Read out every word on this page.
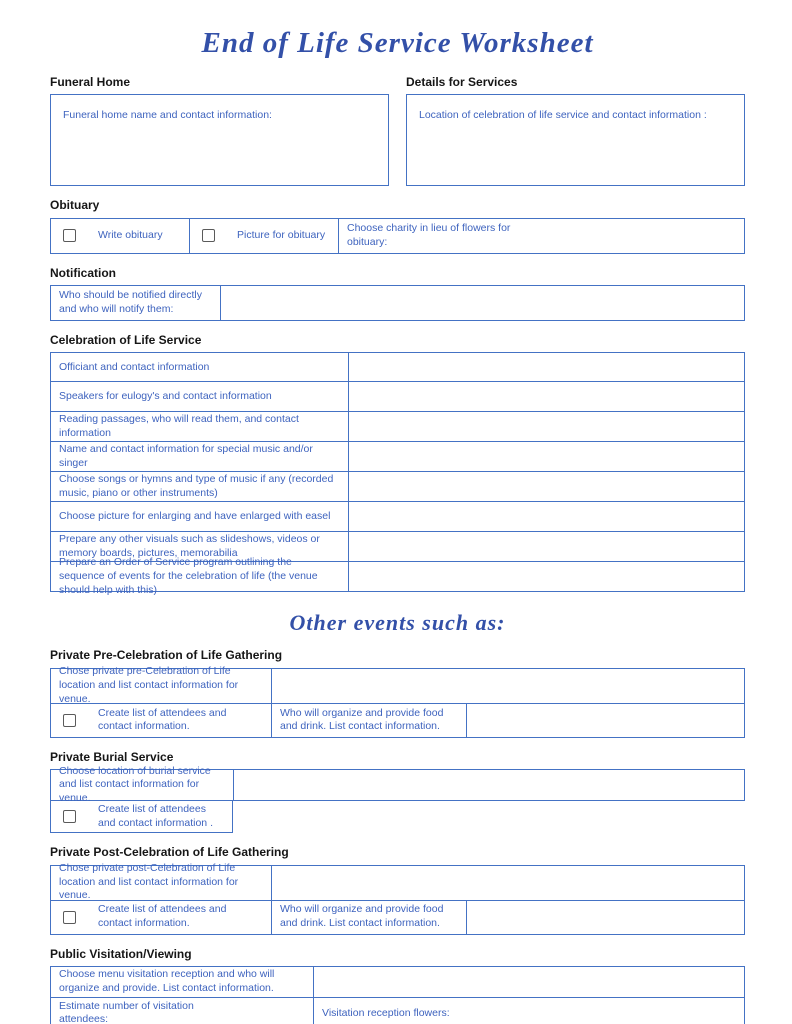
End of Life Service Worksheet
Funeral Home
Funeral home name and contact information:
Details for Services
Location of celebration of life service and contact information :
Obituary
Write obituary	Picture for obituary
Choose charity in lieu of flowers for obituary:
Notification
Who should be notified directly and who will notify them:
Celebration of Life Service
Officiant and contact information
Speakers for eulogy's and contact information
Reading passages, who will read them, and contact information
Name and contact information for special music and/or singer
Choose songs or hymns and type of music if any (recorded music, piano or other instruments)
Choose picture for enlarging and have enlarged with easel
Prepare any other visuals such as slideshows, videos or memory boards, pictures, memorabilia
Prepare an Order of Service program outlining the sequence of events for the celebration of life (the venue should help with this)
Other events such as:
Private Pre-Celebration of Life Gathering
Chose private pre-Celebration of Life location and list contact information for venue.
Create list of attendees and contact information.
Who will organize and provide food and drink. List contact information.
Private Burial Service
Choose location of burial service and list contact information for venue.
Create list of attendees and contact information .
Private Post-Celebration of Life Gathering
Chose private post-Celebration of Life location and list contact information for venue.
Create list of attendees and contact information.
Who will organize and provide food and drink. List contact information.
Public Visitation/Viewing
Choose menu visitation reception and who will organize and provide. List contact information.
Estimate number of visitation attendees:
Visitation reception flowers:
